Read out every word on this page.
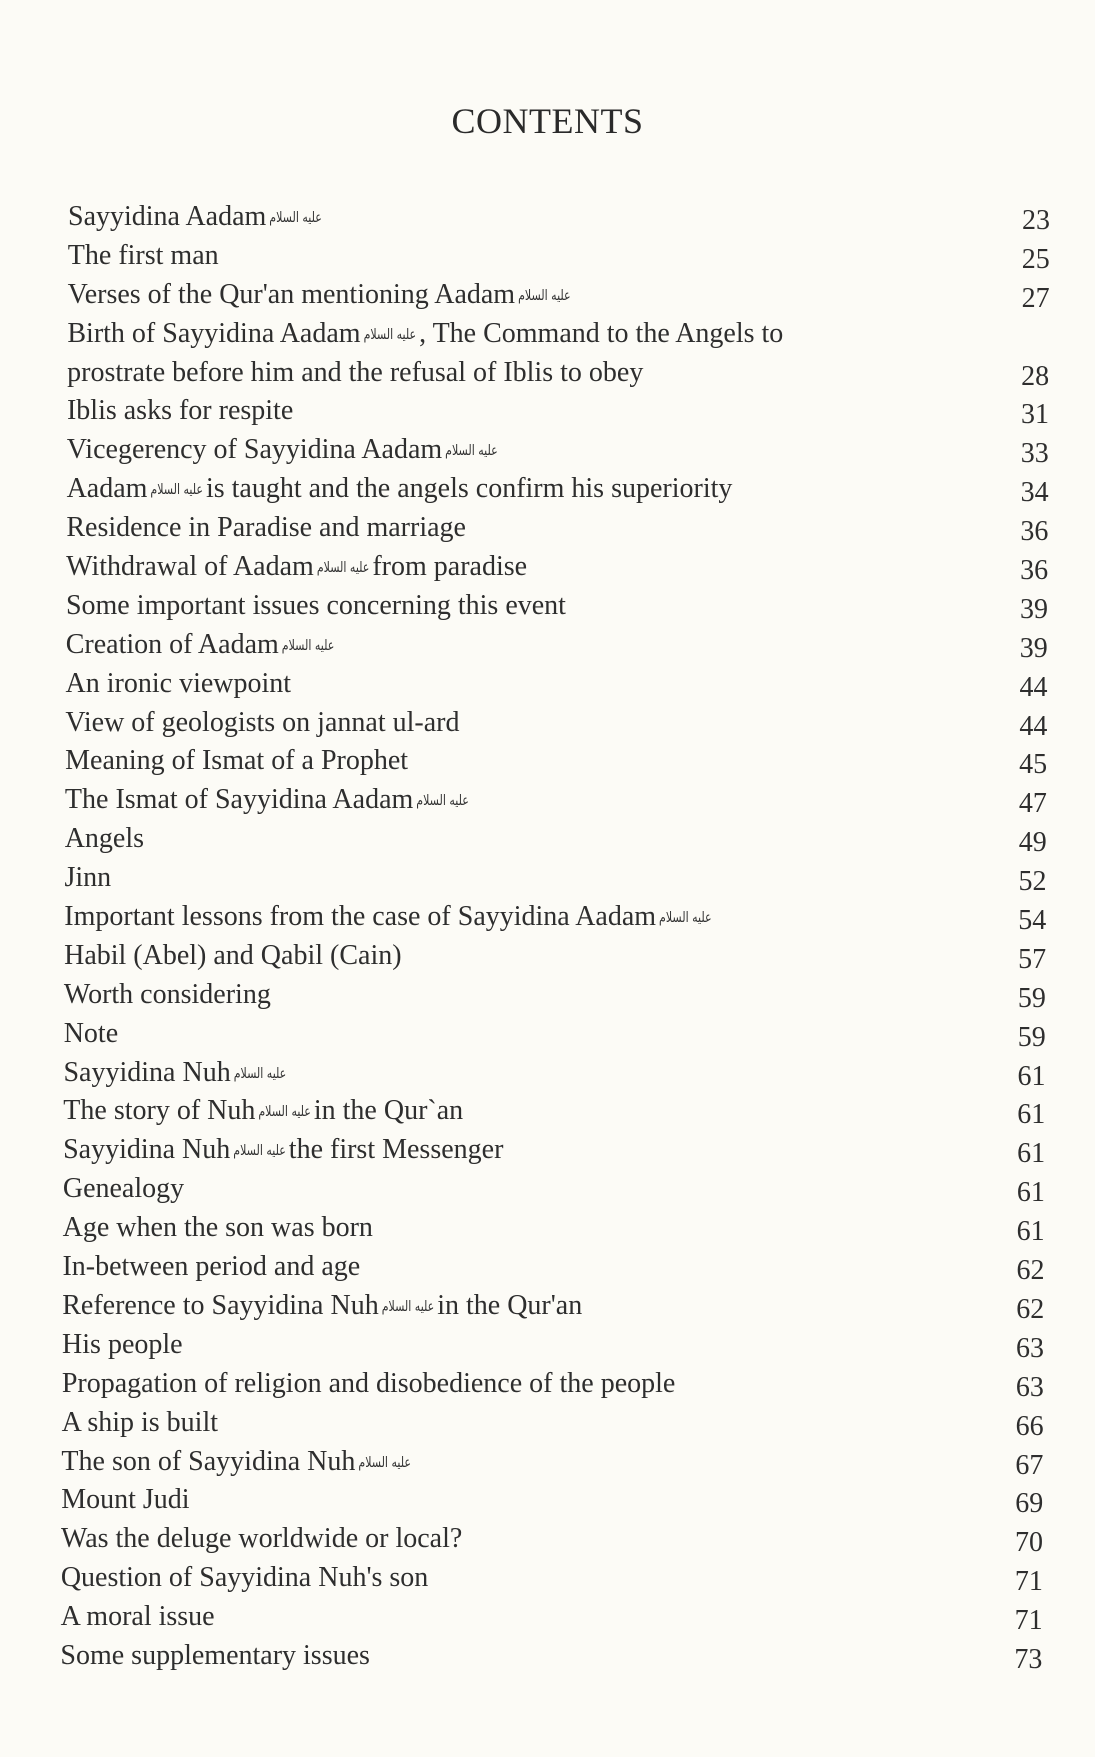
CONTENTS
Sayyidina Aadam عليه السلام	23
The first man	25
Verses of the Qur'an mentioning Aadam عليه السلام	27
Birth of Sayyidina Aadam عليه السلام , The Command to the Angels to
prostrate before him and the refusal of Iblis to obey	28
Iblis asks for respite	31
Vicegerency of Sayyidina Aadam عليه السلام	33
Aadam عليه السلام is taught and the angels confirm his superiority	34
Residence in Paradise and marriage	36
Withdrawal of Aadam عليه السلام from paradise	36
Some important issues concerning this event	39
Creation of Aadam عليه السلام	39
An ironic viewpoint	44
View of geologists on jannat ul-ard	44
Meaning of Ismat of a Prophet	45
The Ismat of Sayyidina Aadam عليه السلام	47
Angels	49
Jinn	52
Important lessons from the case of Sayyidina Aadam عليه السلام	54
Habil (Abel) and Qabil (Cain)	57
Worth considering	59
Note	59
Sayyidina Nuh عليه السلام	61
The story of Nuh عليه السلام in the Qur`an	61
Sayyidina Nuh عليه السلام the first Messenger	61
Genealogy	61
Age when the son was born	61
In-between period and age	62
Reference to Sayyidina Nuh عليه السلام in the Qur'an	62
His people	63
Propagation of religion and disobedience of the people	63
A ship is built	66
The son of Sayyidina Nuh عليه السلام	67
Mount Judi	69
Was the deluge worldwide or local?	70
Question of Sayyidina Nuh's son	71
A moral issue	71
Some supplementary issues	73
